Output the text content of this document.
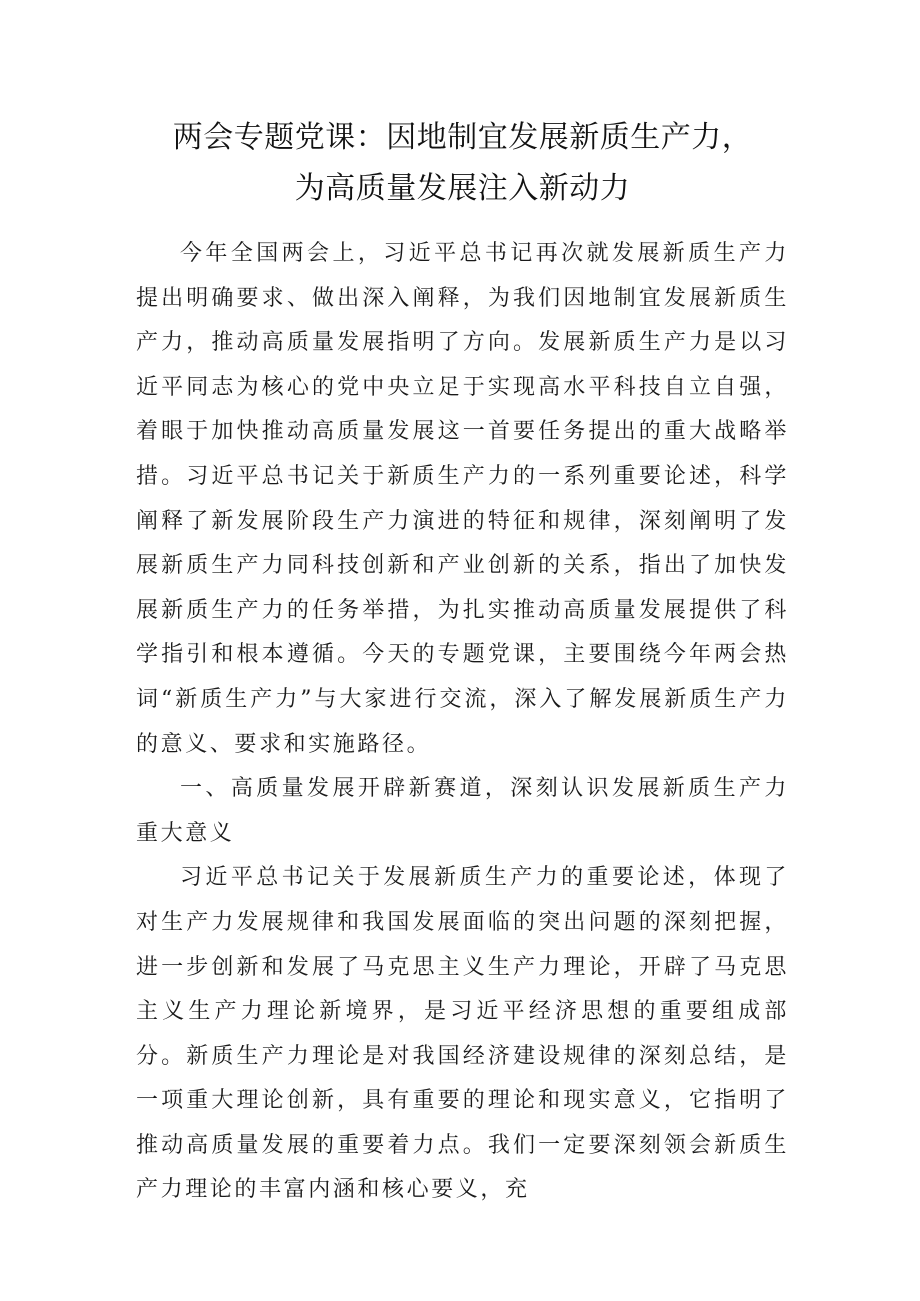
两会专题党课：因地制宜发展新质生产力，
为高质量发展注入新动力

今年全国两会上，习近平总书记再次就发展新质生产力提出明确要求、做出深入阐释，为我们因地制宜发展新质生产力，推动高质量发展指明了方向。发展新质生产力是以习近平同志为核心的党中央立足于实现高水平科技自立自强，着眼于加快推动高质量发展这一首要任务提出的重大战略举措。习近平总书记关于新质生产力的一系列重要论述，科学阐释了新发展阶段生产力演进的特征和规律，深刻阐明了发展新质生产力同科技创新和产业创新的关系，指出了加快发展新质生产力的任务举措，为扎实推动高质量发展提供了科学指引和根本遵循。今天的专题党课，主要围绕今年两会热词“新质生产力”与大家进行交流，深入了解发展新质生产力的意义、要求和实施路径。

一、高质量发展开辟新赛道，深刻认识发展新质生产力重大意义

习近平总书记关于发展新质生产力的重要论述，体现了对生产力发展规律和我国发展面临的突出问题的深刻把握，进一步创新和发展了马克思主义生产力理论，开辟了马克思主义生产力理论新境界，是习近平经济思想的重要组成部分。新质生产力理论是对我国经济建设规律的深刻总结，是一项重大理论创新，具有重要的理论和现实意义，它指明了推动高质量发展的重要着力点。我们一定要深刻领会新质生产力理论的丰富内涵和核心要义，充
